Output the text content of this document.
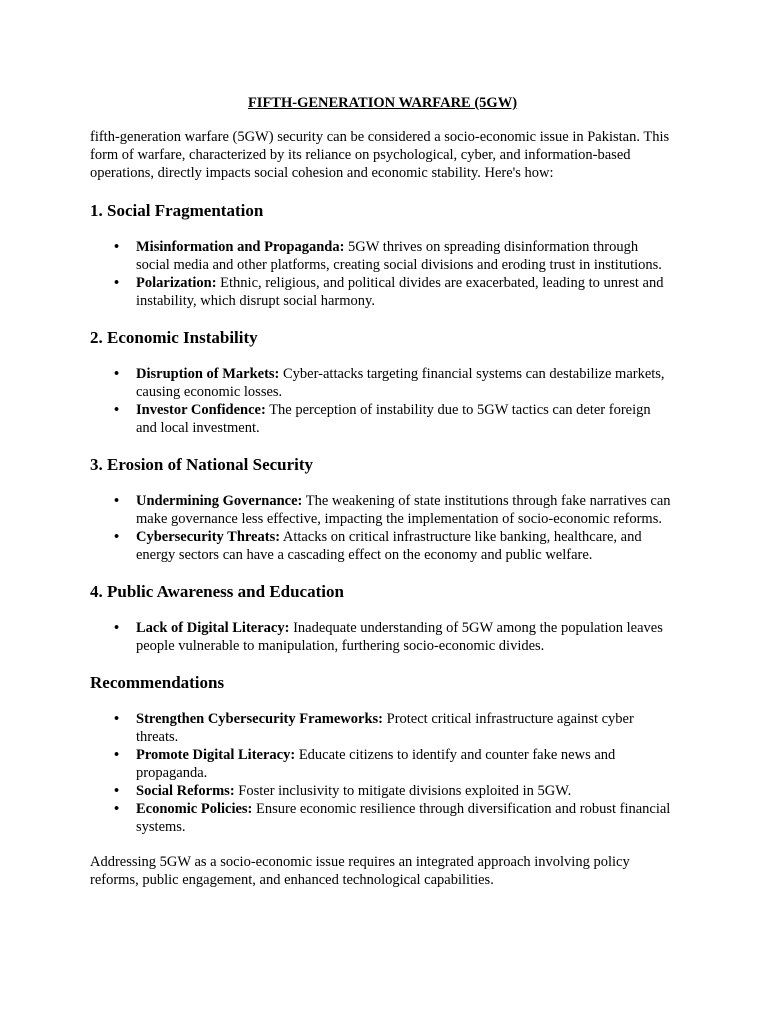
FIFTH-GENERATION WARFARE (5GW)

fifth-generation warfare (5GW) security can be considered a socio-economic issue in Pakistan. This form of warfare, characterized by its reliance on psychological, cyber, and information-based operations, directly impacts social cohesion and economic stability. Here's how:

1. Social Fragmentation
• Misinformation and Propaganda: 5GW thrives on spreading disinformation through social media and other platforms, creating social divisions and eroding trust in institutions.
• Polarization: Ethnic, religious, and political divides are exacerbated, leading to unrest and instability, which disrupt social harmony.
2. Economic Instability
• Disruption of Markets: Cyber-attacks targeting financial systems can destabilize markets, causing economic losses.
• Investor Confidence: The perception of instability due to 5GW tactics can deter foreign and local investment.
3. Erosion of National Security
• Undermining Governance: The weakening of state institutions through fake narratives can make governance less effective, impacting the implementation of socio-economic reforms.
• Cybersecurity Threats: Attacks on critical infrastructure like banking, healthcare, and energy sectors can have a cascading effect on the economy and public welfare.
4. Public Awareness and Education
• Lack of Digital Literacy: Inadequate understanding of 5GW among the population leaves people vulnerable to manipulation, furthering socio-economic divides.
Recommendations
• Strengthen Cybersecurity Frameworks: Protect critical infrastructure against cyber threats.
• Promote Digital Literacy: Educate citizens to identify and counter fake news and propaganda.
• Social Reforms: Foster inclusivity to mitigate divisions exploited in 5GW.
• Economic Policies: Ensure economic resilience through diversification and robust financial systems.

Addressing 5GW as a socio-economic issue requires an integrated approach involving policy reforms, public engagement, and enhanced technological capabilities.
